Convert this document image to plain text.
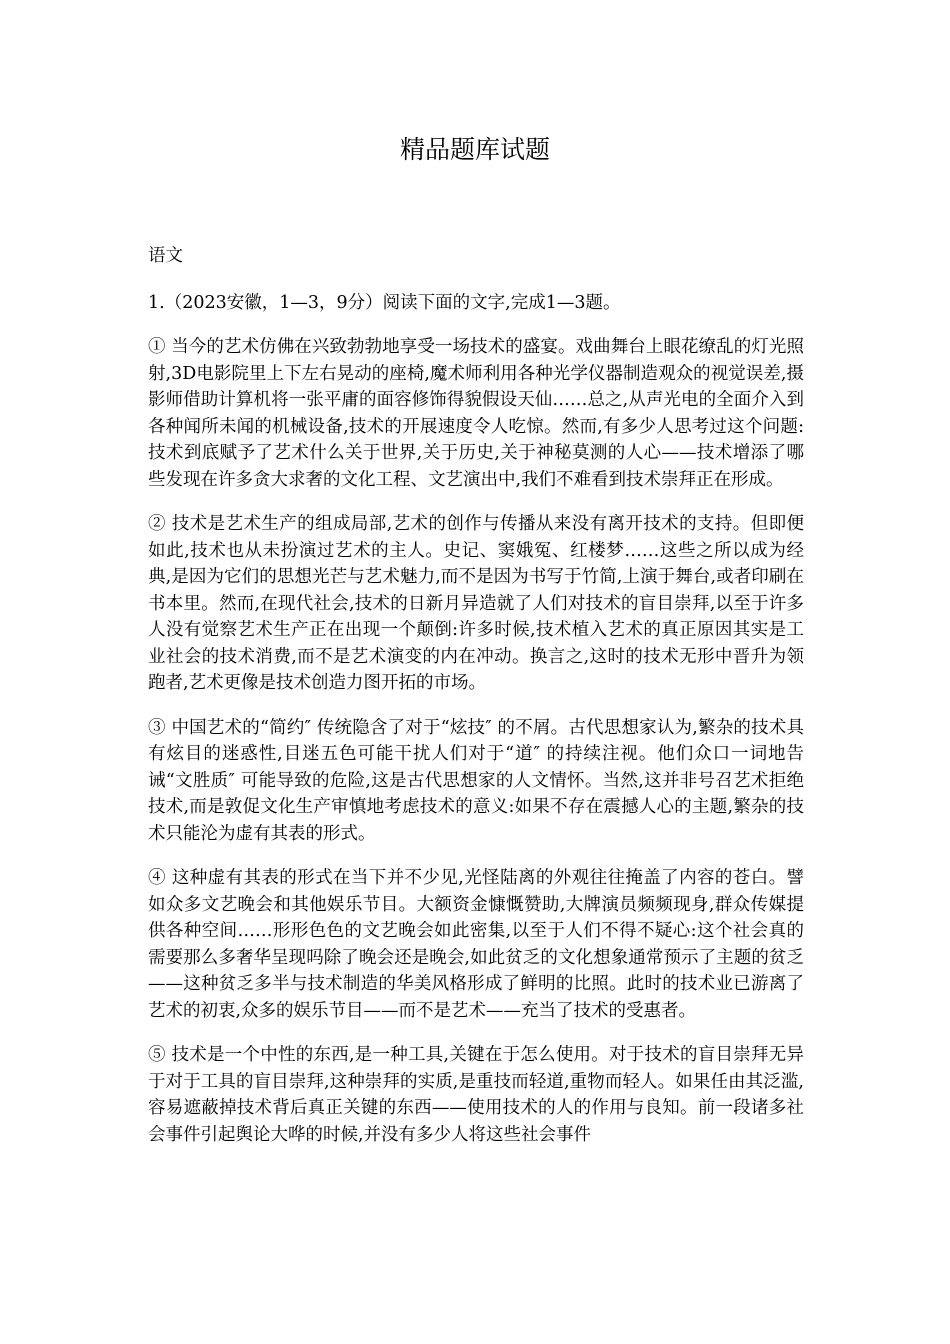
精品题库试题

语文

1.（2023安徽，1—3，9分）阅读下面的文字,完成1—3题。

① 当今的艺术仿佛在兴致勃勃地享受一场技术的盛宴。戏曲舞台上眼花缭乱的灯光照射,3D电影院里上下左右晃动的座椅,魔术师利用各种光学仪器制造观众的视觉误差,摄影师借助计算机将一张平庸的面容修饰得貌假设天仙……总之,从声光电的全面介入到各种闻所未闻的机械设备,技术的开展速度令人吃惊。然而,有多少人思考过这个问题:技术到底赋予了艺术什么关于世界,关于历史,关于神秘莫测的人心——技术增添了哪些发现在许多贪大求奢的文化工程、文艺演出中,我们不难看到技术崇拜正在形成。

② 技术是艺术生产的组成局部,艺术的创作与传播从来没有离开技术的支持。但即便如此,技术也从未扮演过艺术的主人。史记、窦娥冤、红楼梦……这些之所以成为经典,是因为它们的思想光芒与艺术魅力,而不是因为书写于竹简,上演于舞台,或者印刷在书本里。然而,在现代社会,技术的日新月异造就了人们对技术的盲目崇拜,以至于许多人没有觉察艺术生产正在出现一个颠倒:许多时候,技术植入艺术的真正原因其实是工业社会的技术消费,而不是艺术演变的内在冲动。换言之,这时的技术无形中晋升为领跑者,艺术更像是技术创造力图开拓的市场。

③ 中国艺术的“简约″ 传统隐含了对于“炫技″ 的不屑。古代思想家认为,繁杂的技术具有炫目的迷惑性,目迷五色可能干扰人们对于“道″ 的持续注视。他们众口一词地告诫“文胜质″ 可能导致的危险,这是古代思想家的人文情怀。当然,这并非号召艺术拒绝技术,而是敦促文化生产审慎地考虑技术的意义:如果不存在震撼人心的主题,繁杂的技术只能沦为虚有其表的形式。

④ 这种虚有其表的形式在当下并不少见,光怪陆离的外观往往掩盖了内容的苍白。譬如众多文艺晚会和其他娱乐节目。大额资金慷慨赞助,大牌演员频频现身,群众传媒提供各种空间……形形色色的文艺晚会如此密集,以至于人们不得不疑心:这个社会真的需要那么多奢华呈现吗除了晚会还是晚会,如此贫乏的文化想象通常预示了主题的贫乏——这种贫乏多半与技术制造的华美风格形成了鲜明的比照。此时的技术业已游离了艺术的初衷,众多的娱乐节目——而不是艺术——充当了技术的受惠者。

⑤ 技术是一个中性的东西,是一种工具,关键在于怎么使用。对于技术的盲目崇拜无异于对于工具的盲目崇拜,这种崇拜的实质,是重技而轻道,重物而轻人。如果任由其泛滥,容易遮蔽掉技术背后真正关键的东西——使用技术的人的作用与良知。前一段诸多社会事件引起舆论大哗的时候,并没有多少人将这些社会事件
